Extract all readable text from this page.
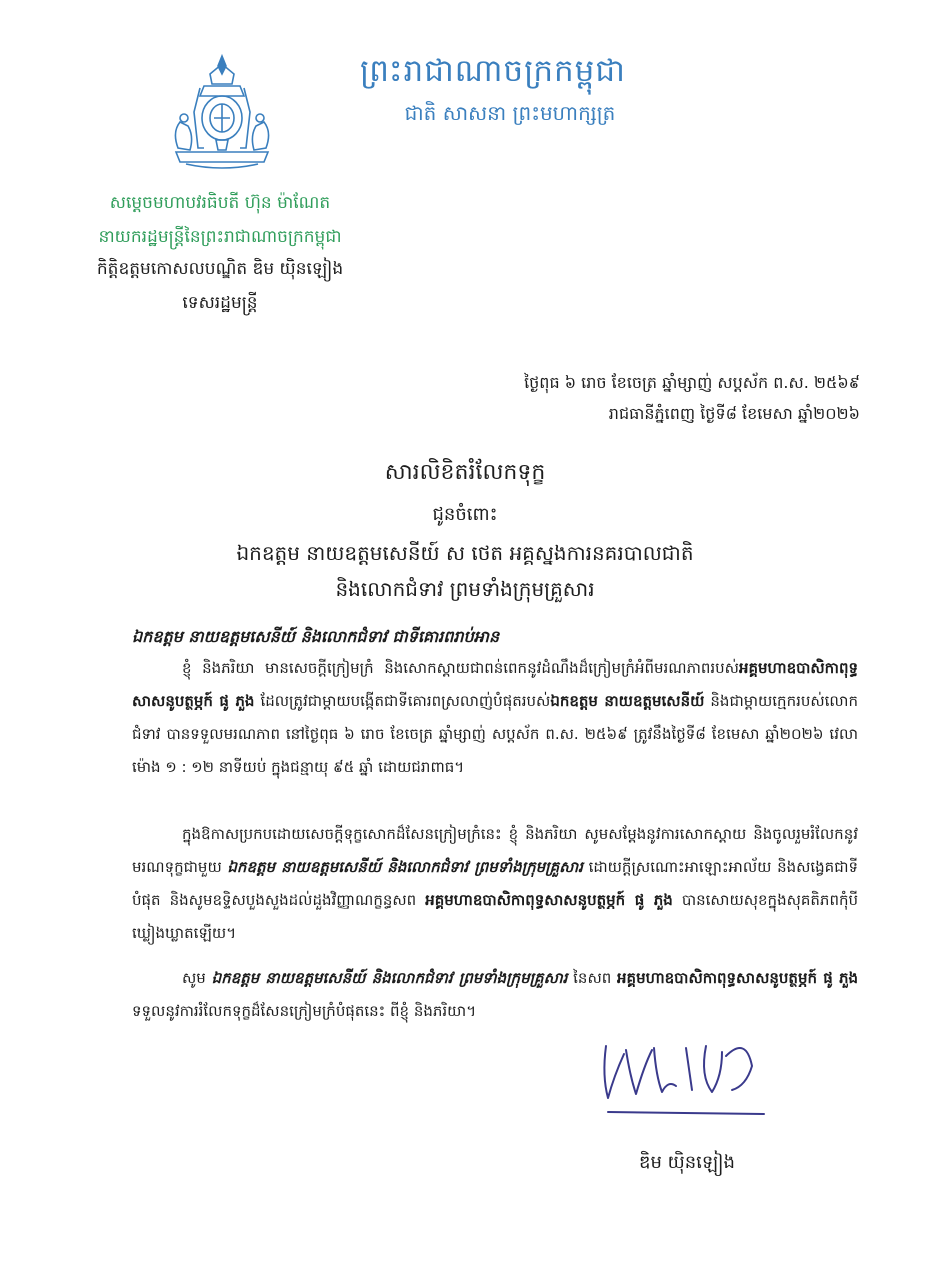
ព្រះរាជាណាចក្រកម្ពុជា
ជាតិ សាសនា ព្រះមហាក្សត្រ
សម្តេចមហាបវរធិបតី ហ៊ុន ម៉ាណែត
នាយករដ្ឋមន្ត្រីនៃព្រះរាជាណាចក្រកម្ពុជា
កិត្តិឧត្តមកោសលបណ្ឌិត ឌិម យ៉ិនឡៀង
ទេសរដ្ឋមន្ត្រី
ថ្ងៃពុធ ៦ រោច ខែចេត្រ ឆ្នាំម្សាញ់ សប្តស័ក ព.ស. ២៥៦៩
រាជធានីភ្នំពេញ ថ្ងៃទី៨ ខែមេសា ឆ្នាំ២០២៦
សារលិខិតរំលែកទុក្ខ
ជូនចំពោះ
ឯកឧត្តម នាយឧត្តមសេនីយ៍ ស ថេត អគ្គស្នងការនគរបាលជាតិ
និងលោកជំទាវ ព្រមទាំងក្រុមគ្រួសារ
ឯកឧត្តម នាយឧត្តមសេនីយ៍ និងលោកជំទាវ ជាទីគោរពរាប់អាន

ខ្ញុំ និងភរិយា មានសេចក្តីក្រៀមក្រំ និងសោកស្តាយជាពន់ពេកនូវដំណឹងដ៏ក្រៀមក្រំអំពីមរណភាពរបស់អគ្គមហាឧបាសិកាពុទ្ធសាសនូបត្ថម្ភក៍ ផូ ភួង ដែលត្រូវជាម្តាយបង្កើតជាទីគោរពស្រលាញ់បំផុតរបស់ឯកឧត្តម នាយឧត្តមសេនីយ៍ និងជាម្តាយក្មេករបស់លោកជំទាវ បានទទួលមរណភាព នៅថ្ងៃពុធ ៦ រោច ខែចេត្រ ឆ្នាំម្សាញ់ សប្តស័ក ព.ស. ២៥៦៩ ត្រូវនឹងថ្ងៃទី៨ ខែមេសា ឆ្នាំ២០២៦ វេលាម៉ោង ១ : ១២ នាទីយប់ ក្នុងជន្មាយុ ៩៥ ឆ្នាំ ដោយជរាពាធ។

ក្នុងឱកាសប្រកបដោយសេចក្តីទុក្ខសោកដ៏សែនក្រៀមក្រំនេះ ខ្ញុំ និងភរិយា សូមសម្តែងនូវការសោកស្តាយ និងចូលរួមរំលែកនូវមរណទុក្ខជាមួយ ឯកឧត្តម នាយឧត្តមសេនីយ៍ និងលោកជំទាវ ព្រមទាំងក្រុមគ្រួសារ ដោយក្តីស្រណោះអាឡោះអាល័យ និងសង្វេគជាទីបំផុត និងសូមឧទ្ទិសបួងសួងដល់ដួងវិញ្ញាណក្ខន្ធសព អគ្គមហាឧបាសិកាពុទ្ធសាសនូបត្ថម្ភក៍ ផូ ភួង បានសោយសុខក្នុងសុគតិភពកុំបីឃ្លៀងឃ្លាតឡើយ។

សូម ឯកឧត្តម នាយឧត្តមសេនីយ៍ និងលោកជំទាវ ព្រមទាំងក្រុមគ្រួសារ នៃសព អគ្គមហាឧបាសិកាពុទ្ធសាសនូបត្ថម្ភក៍ ផូ ភួង ទទួលនូវការរំលែកទុក្ខដ៏សែនក្រៀមក្រំបំផុតនេះ ពីខ្ញុំ និងភរិយា។

ឌិម យ៉ិនឡៀង
